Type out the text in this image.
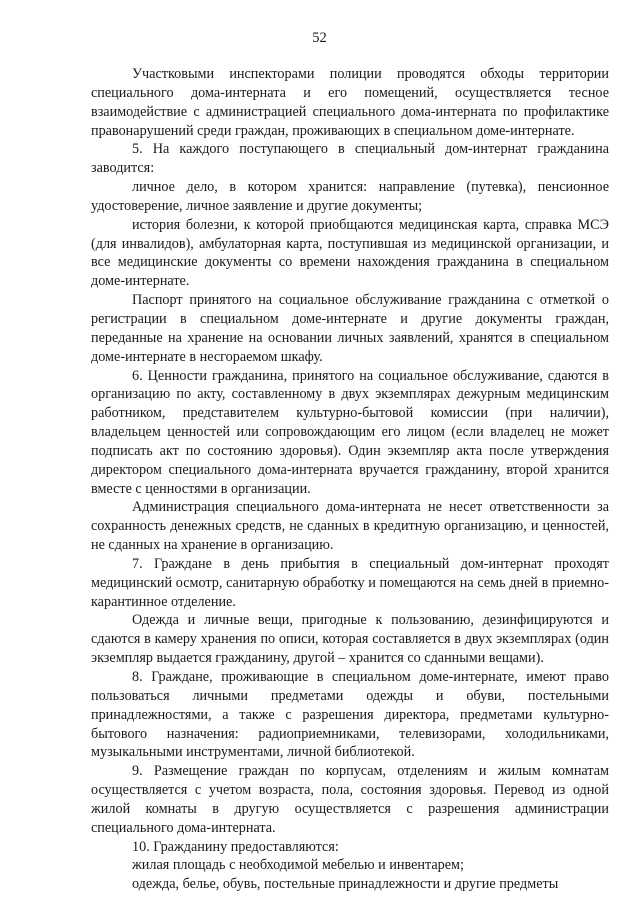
52

Участковыми инспекторами полиции проводятся обходы территории специального дома-интерната и его помещений, осуществляется тесное взаимодействие с администрацией специального дома-интерната по профилактике правонарушений среди граждан, проживающих в специальном доме-интернате.

5. На каждого поступающего в специальный дом-интернат гражданина заводится:

личное дело, в котором хранится: направление (путевка), пенсионное удостоверение, личное заявление и другие документы;

история болезни, к которой приобщаются медицинская карта, справка МСЭ (для инвалидов), амбулаторная карта, поступившая из медицинской организации, и все медицинские документы со времени нахождения гражданина в специальном доме-интернате.

Паспорт принятого на социальное обслуживание гражданина с отметкой о регистрации в специальном доме-интернате и другие документы граждан, переданные на хранение на основании личных заявлений, хранятся в специальном доме-интернате в несгораемом шкафу.

6. Ценности гражданина, принятого на социальное обслуживание, сдаются в организацию по акту, составленному в двух экземплярах дежурным медицинским работником, представителем культурно-бытовой комиссии (при наличии), владельцем ценностей или сопровождающим его лицом (если владелец не может подписать акт по состоянию здоровья). Один экземпляр акта после утверждения директором специального дома-интерната вручается гражданину, второй хранится вместе с ценностями в организации.

Администрация специального дома-интерната не несет ответственности за сохранность денежных средств, не сданных в кредитную организацию, и ценностей, не сданных на хранение в организацию.

7. Граждане в день прибытия в специальный дом-интернат проходят медицинский осмотр, санитарную обработку и помещаются на семь дней в приемно-карантинное отделение.

Одежда и личные вещи, пригодные к пользованию, дезинфицируются и сдаются в камеру хранения по описи, которая составляется в двух экземплярах (один экземпляр выдается гражданину, другой – хранится со сданными вещами).

8. Граждане, проживающие в специальном доме-интернате, имеют право пользоваться личными предметами одежды и обуви, постельными принадлежностями, а также с разрешения директора, предметами культурно-бытового назначения: радиоприемниками, телевизорами, холодильниками, музыкальными инструментами, личной библиотекой.

9. Размещение граждан по корпусам, отделениям и жилым комнатам осуществляется с учетом возраста, пола, состояния здоровья. Перевод из одной жилой комнаты в другую осуществляется с разрешения администрации специального дома-интерната.

10. Гражданину предоставляются:

жилая площадь с необходимой мебелью и инвентарем;

одежда, белье, обувь, постельные принадлежности и другие предметы
